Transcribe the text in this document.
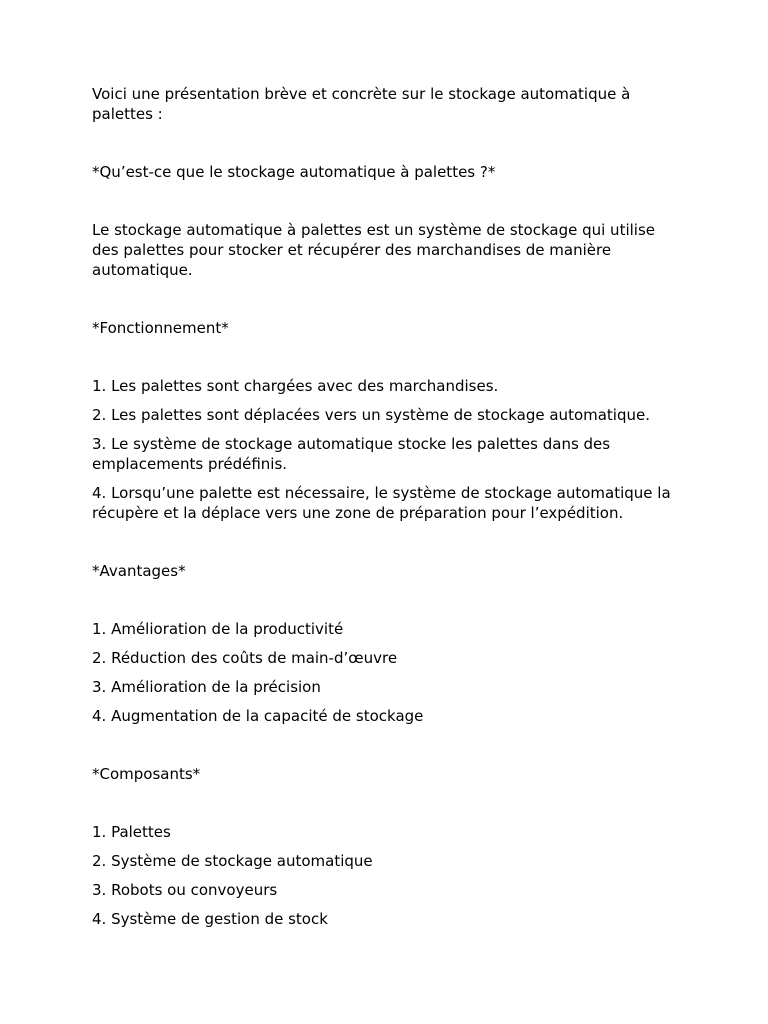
Voici une présentation brève et concrète sur le stockage automatique à palettes :

*Qu’est-ce que le stockage automatique à palettes ?*

Le stockage automatique à palettes est un système de stockage qui utilise des palettes pour stocker et récupérer des marchandises de manière automatique.

*Fonctionnement*

1. Les palettes sont chargées avec des marchandises.

2. Les palettes sont déplacées vers un système de stockage automatique.

3. Le système de stockage automatique stocke les palettes dans des emplacements prédéfinis.

4. Lorsqu’une palette est nécessaire, le système de stockage automatique la récupère et la déplace vers une zone de préparation pour l’expédition.

*Avantages*

1. Amélioration de la productivité

2. Réduction des coûts de main-d’œuvre

3. Amélioration de la précision

4. Augmentation de la capacité de stockage

*Composants*

1. Palettes

2. Système de stockage automatique

3. Robots ou convoyeurs

4. Système de gestion de stock
